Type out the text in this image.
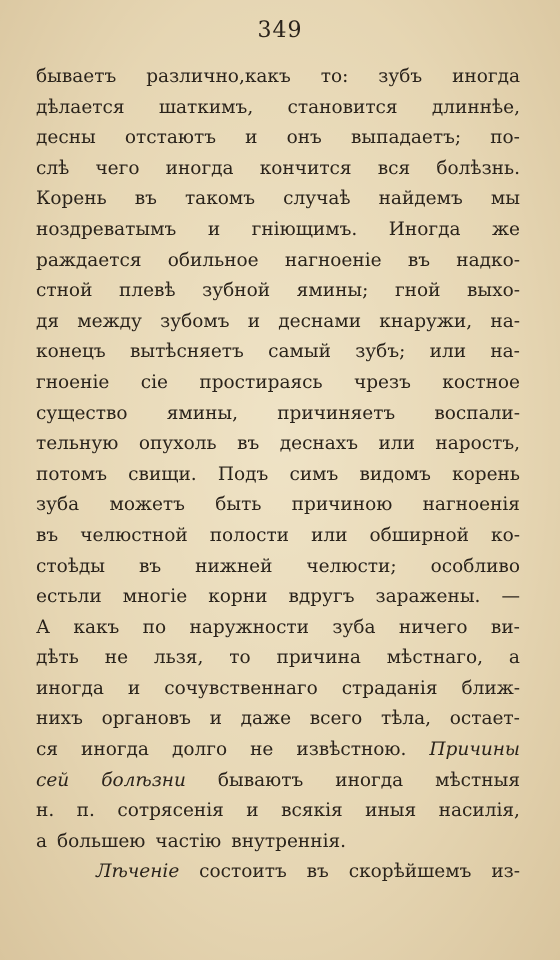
349
бываетъ различно,какъ то: зубъ иногда
дѣлается шаткимъ, становится длиннѣе,
десны отстаютъ и онъ выпадаетъ; по-
слѣ чего иногда кончится вся болѣзнь.
Корень въ такомъ случаѣ найдемъ мы
ноздреватымъ и гніющимъ. Иногда же
раждается обильное нагноеніе въ надко-
стной плевѣ зубной ямины; гной выхо-
дя между зубомъ и деснами кнаружи, на-
конецъ вытѣсняетъ самый зубъ; или на-
гноеніе сіе простираясь чрезъ костное
существо ямины, причиняетъ воспали-
тельную опухоль въ деснахъ или наростъ,
потомъ свищи. Подъ симъ видомъ корень
зуба можетъ быть причиною нагноенія
въ челюстной полости или обширной ко-
стоѣды въ нижней челюсти; особливо
естьли многіе корни вдругъ заражены. —
А какъ по наружности зуба ничего ви-
дѣть не льзя, то причина мѣстнаго, а
иногда и сочувственнаго страданія ближ-
нихъ органовъ и даже всего тѣла, остает-
ся иногда долго не извѣстною. Причины
сей болѣзни бываютъ иногда мѣстныя
н. п. сотрясенія и всякія иныя насилія,
а большею частію внутреннія.
Лѣченіе состоитъ въ скорѣйшемъ из-
